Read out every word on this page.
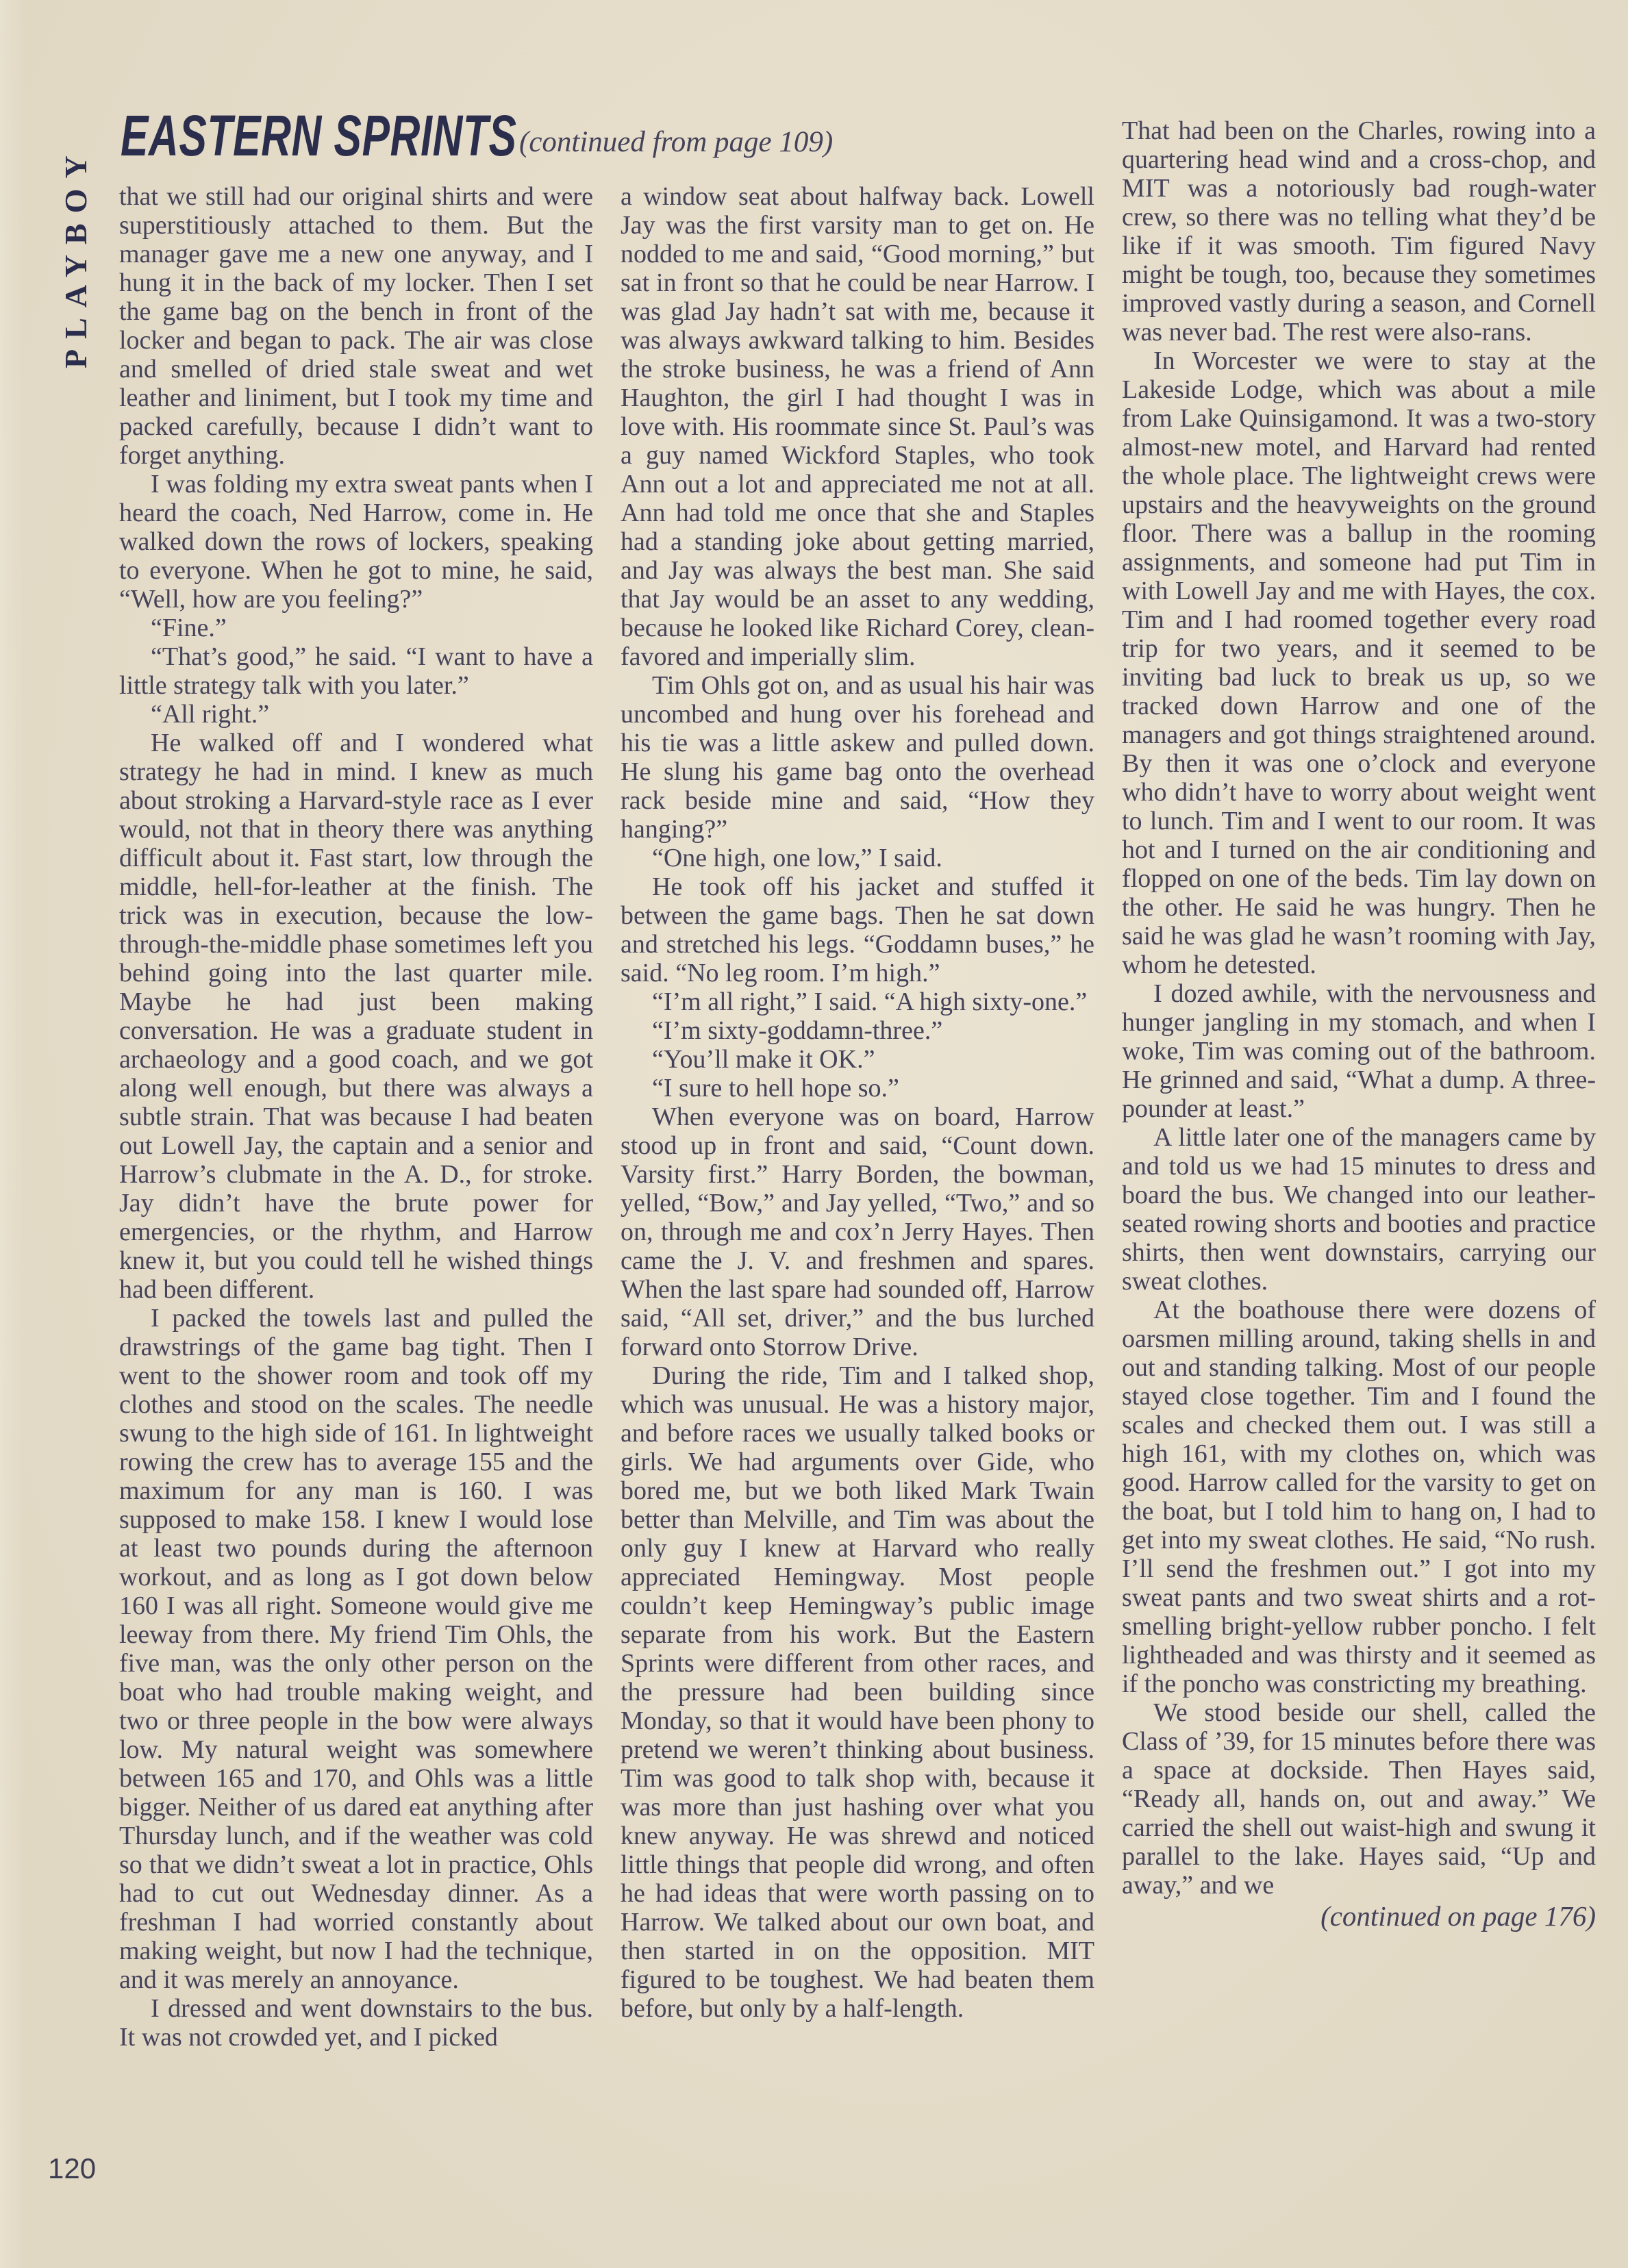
PLAYBOY
EASTERN SPRINTS (continued from page 109)

that we still had our original shirts and were superstitiously attached to them. But the manager gave me a new one anyway, and I hung it in the back of my locker. Then I set the game bag on the bench in front of the locker and began to pack. The air was close and smelled of dried stale sweat and wet leather and liniment, but I took my time and packed carefully, because I didn’t want to forget anything.

I was folding my extra sweat pants when I heard the coach, Ned Harrow, come in. He walked down the rows of lockers, speaking to everyone. When he got to mine, he said, “Well, how are you feeling?”

“Fine.”

“That’s good,” he said. “I want to have a little strategy talk with you later.”

“All right.”

He walked off and I wondered what strategy he had in mind. I knew as much about stroking a Harvard-style race as I ever would, not that in theory there was anything difficult about it. Fast start, low through the middle, hell-for-leather at the finish. The trick was in execution, because the low-through-the-middle phase sometimes left you behind going into the last quarter mile. Maybe he had just been making conversation. He was a graduate student in archaeology and a good coach, and we got along well enough, but there was always a subtle strain. That was because I had beaten out Lowell Jay, the captain and a senior and Harrow’s clubmate in the A. D., for stroke. Jay didn’t have the brute power for emergencies, or the rhythm, and Harrow knew it, but you could tell he wished things had been different.

I packed the towels last and pulled the drawstrings of the game bag tight. Then I went to the shower room and took off my clothes and stood on the scales. The needle swung to the high side of 161. In lightweight rowing the crew has to average 155 and the maximum for any man is 160. I was supposed to make 158. I knew I would lose at least two pounds during the afternoon workout, and as long as I got down below 160 I was all right. Someone would give me leeway from there. My friend Tim Ohls, the five man, was the only other person on the boat who had trouble making weight, and two or three people in the bow were always low. My natural weight was somewhere between 165 and 170, and Ohls was a little bigger. Neither of us dared eat anything after Thursday lunch, and if the weather was cold so that we didn’t sweat a lot in practice, Ohls had to cut out Wednesday dinner. As a freshman I had worried constantly about making weight, but now I had the technique, and it was merely an annoyance.

I dressed and went downstairs to the bus. It was not crowded yet, and I picked

a window seat about halfway back. Lowell Jay was the first varsity man to get on. He nodded to me and said, “Good morning,” but sat in front so that he could be near Harrow. I was glad Jay hadn’t sat with me, because it was always awkward talking to him. Besides the stroke business, he was a friend of Ann Haughton, the girl I had thought I was in love with. His roommate since St. Paul’s was a guy named Wickford Staples, who took Ann out a lot and appreciated me not at all. Ann had told me once that she and Staples had a standing joke about getting married, and Jay was always the best man. She said that Jay would be an asset to any wedding, because he looked like Richard Corey, clean-favored and imperially slim.

Tim Ohls got on, and as usual his hair was uncombed and hung over his forehead and his tie was a little askew and pulled down. He slung his game bag onto the overhead rack beside mine and said, “How they hanging?”

“One high, one low,” I said.

He took off his jacket and stuffed it between the game bags. Then he sat down and stretched his legs. “Goddamn buses,” he said. “No leg room. I’m high.”

“I’m all right,” I said. “A high sixty-one.”

“I’m sixty-goddamn-three.”

“You’ll make it OK.”

“I sure to hell hope so.”

When everyone was on board, Harrow stood up in front and said, “Count down. Varsity first.” Harry Borden, the bowman, yelled, “Bow,” and Jay yelled, “Two,” and so on, through me and cox’n Jerry Hayes. Then came the J. V. and freshmen and spares. When the last spare had sounded off, Harrow said, “All set, driver,” and the bus lurched forward onto Storrow Drive.

During the ride, Tim and I talked shop, which was unusual. He was a history major, and before races we usually talked books or girls. We had arguments over Gide, who bored me, but we both liked Mark Twain better than Melville, and Tim was about the only guy I knew at Harvard who really appreciated Hemingway. Most people couldn’t keep Hemingway’s public image separate from his work. But the Eastern Sprints were different from other races, and the pressure had been building since Monday, so that it would have been phony to pretend we weren’t thinking about business. Tim was good to talk shop with, because it was more than just hashing over what you knew anyway. He was shrewd and noticed little things that people did wrong, and often he had ideas that were worth passing on to Harrow. We talked about our own boat, and then started in on the opposition. MIT figured to be toughest. We had beaten them before, but only by a half-length.

That had been on the Charles, rowing into a quartering head wind and a cross-chop, and MIT was a notoriously bad rough-water crew, so there was no telling what they’d be like if it was smooth. Tim figured Navy might be tough, too, because they sometimes improved vastly during a season, and Cornell was never bad. The rest were also-rans.

In Worcester we were to stay at the Lakeside Lodge, which was about a mile from Lake Quinsigamond. It was a two-story almost-new motel, and Harvard had rented the whole place. The lightweight crews were upstairs and the heavyweights on the ground floor. There was a ballup in the rooming assignments, and someone had put Tim in with Lowell Jay and me with Hayes, the cox. Tim and I had roomed together every road trip for two years, and it seemed to be inviting bad luck to break us up, so we tracked down Harrow and one of the managers and got things straightened around. By then it was one o’clock and everyone who didn’t have to worry about weight went to lunch. Tim and I went to our room. It was hot and I turned on the air conditioning and flopped on one of the beds. Tim lay down on the other. He said he was hungry. Then he said he was glad he wasn’t rooming with Jay, whom he detested.

I dozed awhile, with the nervousness and hunger jangling in my stomach, and when I woke, Tim was coming out of the bathroom. He grinned and said, “What a dump. A three-pounder at least.”

A little later one of the managers came by and told us we had 15 minutes to dress and board the bus. We changed into our leather-seated rowing shorts and booties and practice shirts, then went downstairs, carrying our sweat clothes.

At the boathouse there were dozens of oarsmen milling around, taking shells in and out and standing talking. Most of our people stayed close together. Tim and I found the scales and checked them out. I was still a high 161, with my clothes on, which was good. Harrow called for the varsity to get on the boat, but I told him to hang on, I had to get into my sweat clothes. He said, “No rush. I’ll send the freshmen out.” I got into my sweat pants and two sweat shirts and a rot-smelling bright-yellow rubber poncho. I felt lightheaded and was thirsty and it seemed as if the poncho was constricting my breathing.

We stood beside our shell, called the Class of ’39, for 15 minutes before there was a space at dockside. Then Hayes said, “Ready all, hands on, out and away.” We carried the shell out waist-high and swung it parallel to the lake. Hayes said, “Up and away,” and we

(continued on page 176)

120
